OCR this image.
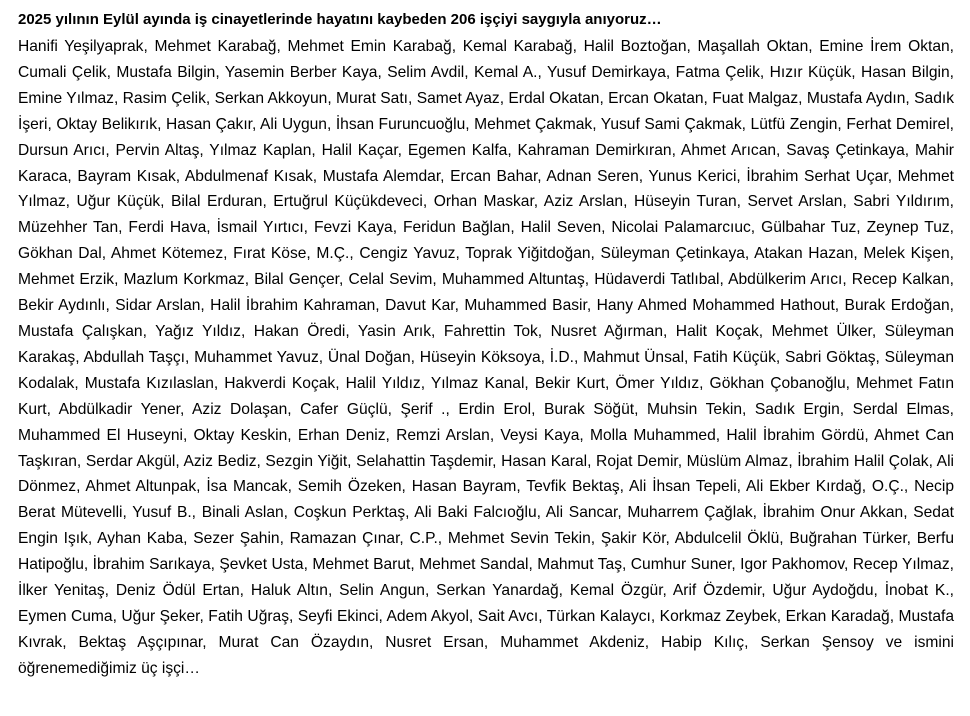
2025 yılının Eylül ayında iş cinayetlerinde hayatını kaybeden 206 işçiyi saygıyla anıyoruz…

Hanifi Yeşilyaprak, Mehmet Karabağ, Mehmet Emin Karabağ, Kemal Karabağ, Halil Boztoğan, Maşallah Oktan, Emine İrem Oktan, Cumali Çelik, Mustafa Bilgin, Yasemin Berber Kaya, Selim Avdil, Kemal A., Yusuf Demirkaya, Fatma Çelik, Hızır Küçük, Hasan Bilgin, Emine Yılmaz, Rasim Çelik, Serkan Akkoyun, Murat Satı, Samet Ayaz, Erdal Okatan, Ercan Okatan, Fuat Malgaz, Mustafa Aydın, Sadık İşeri, Oktay Belikırık, Hasan Çakır, Ali Uygun, İhsan Furuncuoğlu, Mehmet Çakmak, Yusuf Sami Çakmak, Lütfü Zengin, Ferhat Demirel, Dursun Arıcı, Pervin Altaş, Yılmaz Kaplan, Halil Kaçar, Egemen Kalfa, Kahraman Demirkıran, Ahmet Arıcan, Savaş Çetinkaya, Mahir Karaca, Bayram Kısak, Abdulmenaf Kısak, Mustafa Alemdar, Ercan Bahar, Adnan Seren, Yunus Kerici, İbrahim Serhat Uçar, Mehmet Yılmaz, Uğur Küçük, Bilal Erduran, Ertuğrul Küçükdeveci, Orhan Maskar, Aziz Arslan, Hüseyin Turan, Servet Arslan, Sabri Yıldırım, Müzehher Tan, Ferdi Hava, İsmail Yırtıcı, Fevzi Kaya, Feridun Bağlan, Halil Seven, Nicolai Palamarcıuc, Gülbahar Tuz, Zeynep Tuz, Gökhan Dal, Ahmet Kötemez, Fırat Köse, M.Ç., Cengiz Yavuz, Toprak Yiğitdoğan, Süleyman Çetinkaya, Atakan Hazan, Melek Kişen, Mehmet Erzik, Mazlum Korkmaz, Bilal Gençer, Celal Sevim, Muhammed Altuntaş, Hüdaverdi Tatlıbal, Abdülkerim Arıcı, Recep Kalkan, Bekir Aydınlı, Sidar Arslan, Halil İbrahim Kahraman, Davut Kar, Muhammed Basir, Hany Ahmed Mohammed Hathout, Burak Erdoğan, Mustafa Çalışkan, Yağız Yıldız, Hakan Öredi, Yasin Arık, Fahrettin Tok, Nusret Ağırman, Halit Koçak, Mehmet Ülker, Süleyman Karakaş, Abdullah Taşçı, Muhammet Yavuz, Ünal Doğan, Hüseyin Köksoya, İ.D., Mahmut Ünsal, Fatih Küçük, Sabri Göktaş, Süleyman Kodalak, Mustafa Kızılaslan, Hakverdi Koçak, Halil Yıldız, Yılmaz Kanal, Bekir Kurt, Ömer Yıldız, Gökhan Çobanoğlu, Mehmet Fatın Kurt, Abdülkadir Yener, Aziz Dolaşan, Cafer Güçlü, Şerif ., Erdin Erol, Burak Söğüt, Muhsin Tekin, Sadık Ergin, Serdal Elmas, Muhammed El Huseyni, Oktay Keskin, Erhan Deniz, Remzi Arslan, Veysi Kaya, Molla Muhammed, Halil İbrahim Gördü, Ahmet Can Taşkıran, Serdar Akgül, Aziz Bediz, Sezgin Yiğit, Selahattin Taşdemir, Hasan Karal, Rojat Demir, Müslüm Almaz, İbrahim Halil Çolak, Ali Dönmez, Ahmet Altunpak, İsa Mancak, Semih Özeken, Hasan Bayram, Tevfik Bektaş, Ali İhsan Tepeli, Ali Ekber Kırdağ, O.Ç., Necip Berat Mütevelli, Yusuf B., Binali Aslan, Coşkun Perktaş, Ali Baki Falcıoğlu, Ali Sancar, Muharrem Çağlak, İbrahim Onur Akkan, Sedat Engin Işık, Ayhan Kaba, Sezer Şahin, Ramazan Çınar, C.P., Mehmet Sevin Tekin, Şakir Kör, Abdulcelil Öklü, Buğrahan Türker, Berfu Hatipoğlu, İbrahim Sarıkaya, Şevket Usta, Mehmet Barut, Mehmet Sandal, Mahmut Taş, Cumhur Suner, Igor Pakhomov, Recep Yılmaz, İlker Yenitaş, Deniz Ödül Ertan, Haluk Altın, Selin Angun, Serkan Yanardağ, Kemal Özgür, Arif Özdemir, Uğur Aydoğdu, İnobat K., Eymen Cuma, Uğur Şeker, Fatih Uğraş, Seyfi Ekinci, Adem Akyol, Sait Avcı, Türkan Kalaycı, Korkmaz Zeybek, Erkan Karadağ, Mustafa Kıvrak, Bektaş Aşçıpınar, Murat Can Özaydın, Nusret Ersan, Muhammet Akdeniz, Habip Kılıç, Serkan Şensoy ve ismini öğrenemediğimiz üç işçi…
